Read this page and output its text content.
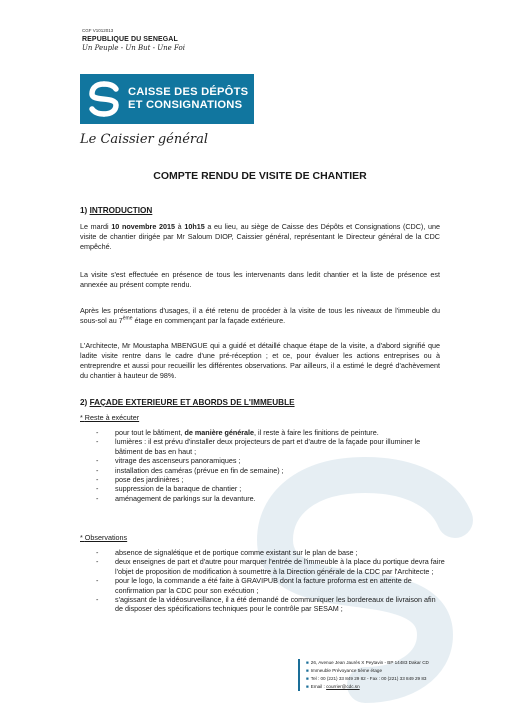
CGF V1012013
REPUBLIQUE DU SENEGAL
Un Peuple - Un But - Une Foi
CAISSE DES DÉPÔTS
ET CONSIGNATIONS
Le Caissier général
COMPTE RENDU DE VISITE DE CHANTIER
1) INTRODUCTION
Le mardi 10 novembre 2015 à 10h15 a eu lieu, au siège de Caisse des Dépôts et Consignations (CDC), une visite de chantier dirigée par Mr Saloum DIOP, Caissier général, représentant le Directeur général de la CDC empêché.
La visite s'est effectuée en présence de tous les intervenants dans ledit chantier et la liste de présence est annexée au présent compte rendu.
Après les présentations d'usages, il a été retenu de procéder à la visite de tous les niveaux de l'immeuble du sous-sol au 7ème étage en commençant par la façade extérieure.
L'Architecte, Mr Moustapha MBENGUE qui a guidé et détaillé chaque étape de la visite, a d'abord signifié que ladite visite rentre dans le cadre d'une pré-réception ; et ce, pour évaluer les actions entreprises ou à entreprendre et aussi pour recueillir les différentes observations. Par ailleurs, il a estimé le degré d'achèvement du chantier à hauteur de 98%.
2) FAÇADE EXTERIEURE ET ABORDS DE L'IMMEUBLE
* Reste à exécuter
- pour tout le bâtiment, de manière générale, il reste à faire les finitions de peinture.
- lumières : il est prévu d'installer deux projecteurs de part et d'autre de la façade pour illuminer le bâtiment de bas en haut ;
- vitrage des ascenseurs panoramiques ;
- installation des caméras (prévue en fin de semaine) ;
- pose des jardinières ;
- suppression de la baraque de chantier ;
- aménagement de parkings sur la devanture.
* Observations
- absence de signalétique et de portique comme existant sur le plan de base ;
- deux enseignes de part et d'autre pour marquer l'entrée de l'immeuble à la place du portique devra faire l'objet de proposition de modification à soumettre à la Direction générale de la CDC par l'Architecte ;
- pour le logo, la commande a été faite à GRAVIPUB dont la facture proforma est en attente de confirmation par la CDC pour son exécution ;
- s'agissant de la vidéosurveillance, il a été demandé de communiquer les bordereaux de livraison afin de disposer des spécifications techniques pour le contrôle par SESAM ;
■ 26, Avenue Jean Jaurès X Peytavin - BP 14483 Dakar CD
■ Immeuble Prévoyance 5ème étage
■ Tel : 00 (221) 33 849 29 82 - Fax : 00 (221) 33 849 29 83
■ Email : courrier@cdc.sn
